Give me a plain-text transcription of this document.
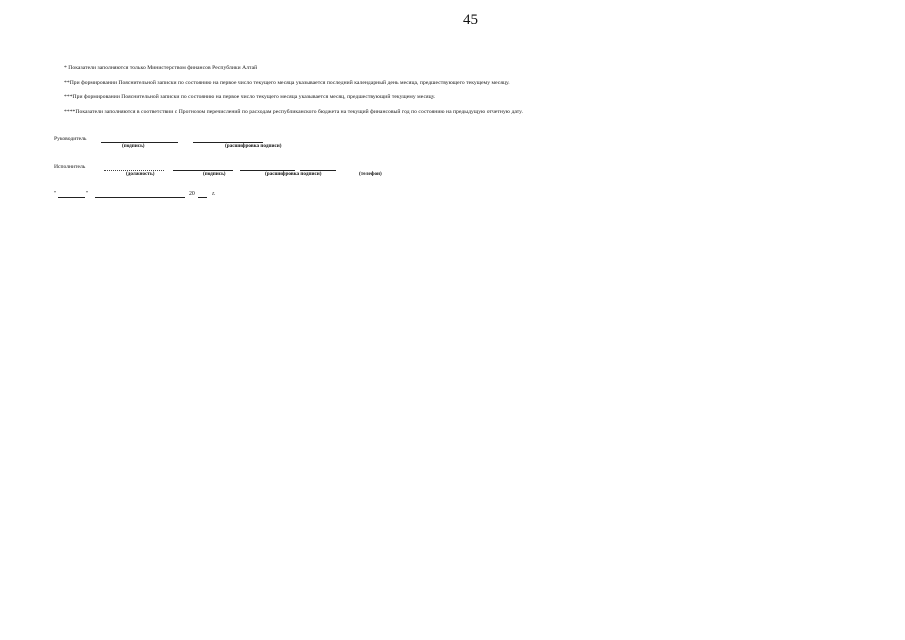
45

* Показатели заполняются только Министерством финансов Республики Алтай

**При формировании Пояснительной записки по состоянию на первое число текущего месяца указывается последний календарный день месяца, предшествующего текущему месяцу.

***При формировании Пояснительной записки по состоянию на первое число текущего месяца указывается месяц, предшествующий текущему месяцу.

****Показатели заполняются в соответствии с Прогнозом перечислений по расходам республиканского бюджета на текущий финансовый год по состоянию на предыдущую отчетную дату.

Руководитель
(подпись)	(расшифровка подписи)
Исполнитель
(должность)	(подпись)	(расшифровка подписи)	(телефон)
"	"	20	г.
